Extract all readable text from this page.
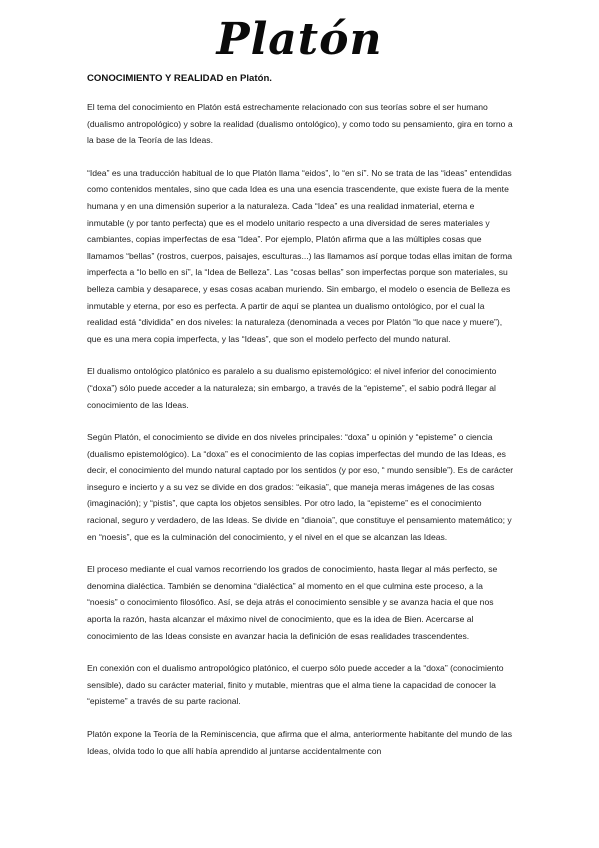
Platón
CONOCIMIENTO Y REALIDAD en Platón.

El tema del conocimiento en Platón está estrechamente relacionado con sus teorías sobre el ser humano (dualismo antropológico) y sobre la realidad (dualismo ontológico), y como todo su pensamiento, gira en torno a la base de la Teoría de las Ideas.

“Idea” es una traducción habitual de lo que Platón llama “eidos”, lo “en sí”. No se trata de las “ideas” entendidas como contenidos mentales, sino que cada Idea es una una esencia trascendente, que existe fuera de la mente humana y en una dimensión superior a la naturaleza. Cada “Idea” es una realidad inmaterial, eterna e inmutable (y por tanto perfecta) que es el modelo unitario respecto a una diversidad de seres materiales y cambiantes, copias imperfectas de esa “Idea”. Por ejemplo, Platón afirma que a las múltiples cosas que llamamos “bellas” (rostros, cuerpos, paisajes, esculturas...) las llamamos así porque todas ellas imitan de forma imperfecta a “lo bello en sí”, la “Idea de Belleza”. Las “cosas bellas” son imperfectas porque son materiales, su belleza cambia y desaparece, y esas cosas acaban muriendo. Sin embargo, el modelo o esencia de Belleza es inmutable y eterna, por eso es perfecta. A partir de aquí se plantea un dualismo ontológico, por el cual la realidad está “dividida” en dos niveles: la naturaleza (denominada a veces por Platón “lo que nace y muere”), que es una mera copia imperfecta, y las “Ideas”, que son el modelo perfecto del mundo natural.

El dualismo ontológico platónico es paralelo a su dualismo epistemológico: el nivel inferior del conocimiento (“doxa”) sólo puede acceder a la naturaleza; sin embargo, a través de la “episteme”, el sabio podrá llegar al conocimiento de las Ideas.

Según Platón, el conocimiento se divide en dos niveles principales: “doxa” u opinión y “episteme” o ciencia (dualismo epistemológico). La “doxa” es el conocimiento de las copias imperfectas del mundo de las Ideas, es decir, el conocimiento del mundo natural captado por los sentidos (y por eso, “ mundo sensible”). Es de carácter inseguro e incierto y a su vez se divide en dos grados: “eikasia”, que maneja meras imágenes de las cosas (imaginación); y “pistis”, que capta los objetos sensibles. Por otro lado, la “episteme” es el conocimiento racional, seguro y verdadero, de las Ideas. Se divide en “dianoia”, que constituye el pensamiento matemático; y en “noesis”, que es la culminación del conocimiento, y el nivel en el que se alcanzan las Ideas.

El proceso mediante el cual vamos recorriendo los grados de conocimiento, hasta llegar al más perfecto, se denomina dialéctica. También se denomina “dialéctica” al momento en el que culmina este proceso, a la “noesis” o conocimiento filosófico. Así, se deja atrás el conocimiento sensible y se avanza hacia el que nos aporta la razón, hasta alcanzar el máximo nivel de conocimiento, que es la idea de Bien. Acercarse al conocimiento de las Ideas consiste en avanzar hacia la definición de esas realidades trascendentes.

En conexión con el dualismo antropológico platónico, el cuerpo sólo puede acceder a la “doxa” (conocimiento sensible), dado su carácter material, finito y mutable, mientras que el alma tiene la capacidad de conocer la “episteme” a través de su parte racional.

Platón expone la Teoría de la Reminiscencia, que afirma que el alma, anteriormente habitante del mundo de las Ideas, olvida todo lo que allí había aprendido al juntarse accidentalmente con
